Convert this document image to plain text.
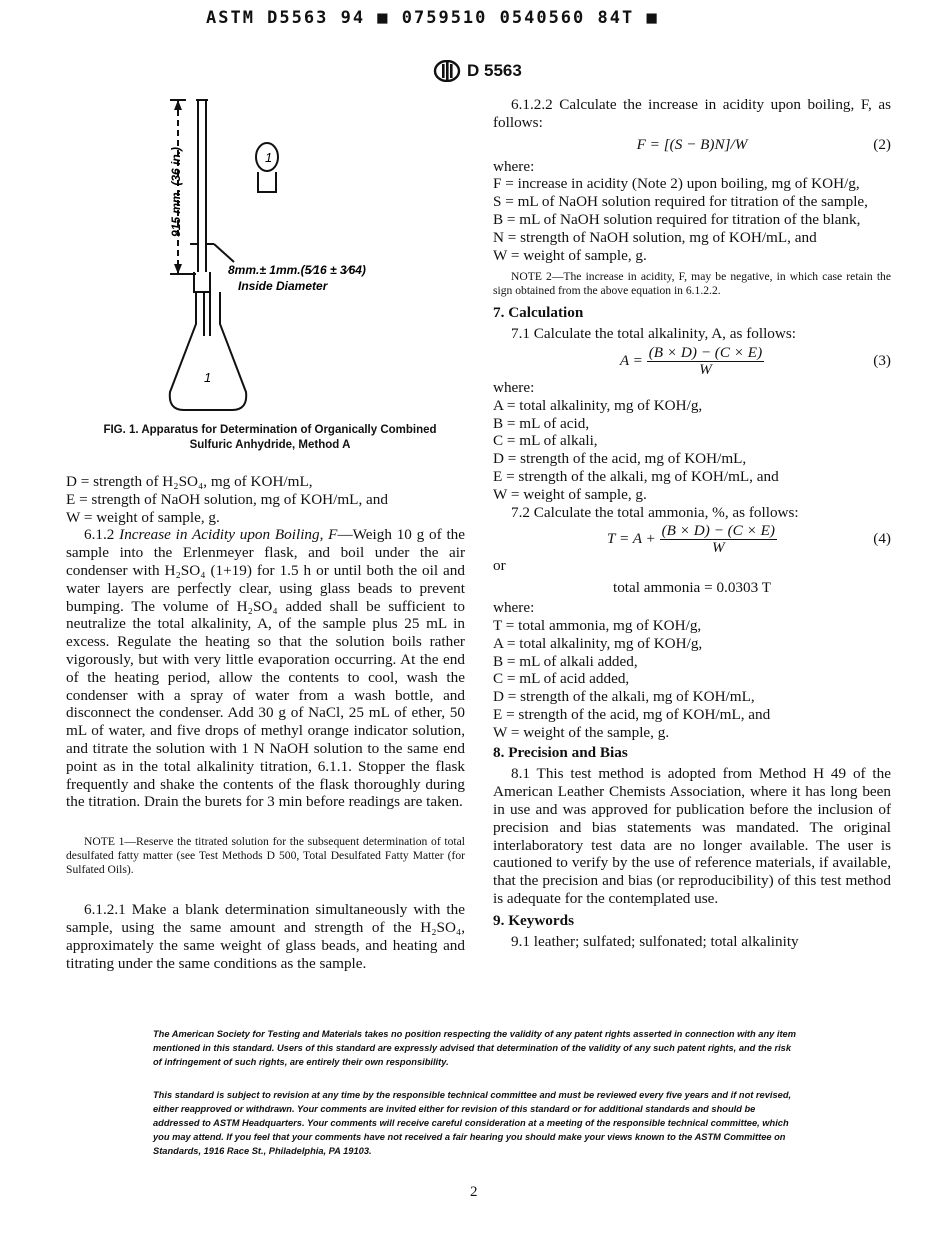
ASTM D5563 94 ■ 0759510 0540560 84T ■
D 5563
915 mm. (36 in.)
8mm.± 1mm.(5⁄16 ± 3⁄64)
Inside Diameter
1
1
FIG. 1. Apparatus for Determination of Organically Combined
Sulfuric Anhydride, Method A

D = strength of H₂SO₄, mg of KOH/mL,

E = strength of NaOH solution, mg of KOH/mL, and

W = weight of sample, g.

6.1.2 Increase in Acidity upon Boiling, F—Weigh 10 g of the sample into the Erlenmeyer flask, and boil under the air condenser with H₂SO₄ (1+19) for 1.5 h or until both the oil and water layers are perfectly clear, using glass beads to prevent bumping. The volume of H₂SO₄ added shall be sufficient to neutralize the total alkalinity, A, of the sample plus 25 mL in excess. Regulate the heating so that the solution boils rather vigorously, but with very little evaporation occurring. At the end of the heating period, allow the contents to cool, wash the condenser with a spray of water from a wash bottle, and disconnect the condenser. Add 30 g of NaCl, 25 mL of ether, 50 mL of water, and five drops of methyl orange indicator solution, and titrate the solution with 1 N NaOH solution to the same end point as in the total alkalinity titration, 6.1.1. Stopper the flask frequently and shake the contents of the flask thoroughly during the titration. Drain the burets for 3 min before readings are taken.

NOTE 1—Reserve the titrated solution for the subsequent determination of total desulfated fatty matter (see Test Methods D 500, Total Desulfated Fatty Matter (for Sulfated Oils).

6.1.2.1 Make a blank determination simultaneously with the sample, using the same amount and strength of the H₂SO₄, approximately the same weight of glass beads, and heating and titrating under the same conditions as the sample.

6.1.2.2 Calculate the increase in acidity upon boiling, F, as follows:

F = [(S − B)N]/W	(2)

where:

F = increase in acidity (Note 2) upon boiling, mg of KOH/g,

S = mL of NaOH solution required for titration of the sample,

B = mL of NaOH solution required for titration of the blank,

N = strength of NaOH solution, mg of KOH/mL, and

W = weight of sample, g.

NOTE 2—The increase in acidity, F, may be negative, in which case retain the sign obtained from the above equation in 6.1.2.2.

7. Calculation

7.1 Calculate the total alkalinity, A, as follows:

$A = \frac{(B \times D) - (C \times E)}{W}$	(3)

where:

A = total alkalinity, mg of KOH/g,

B = mL of acid,

C = mL of alkali,

D = strength of the acid, mg of KOH/mL,

E = strength of the alkali, mg of KOH/mL, and

W = weight of sample, g.

7.2 Calculate the total ammonia, %, as follows:

$T = A + \frac{(B \times D) - (C \times E)}{W}$	(4)

or

total ammonia = 0.0303 T

where:

T = total ammonia, mg of KOH/g,

A = total alkalinity, mg of KOH/g,

B = mL of alkali added,

C = mL of acid added,

D = strength of the alkali, mg of KOH/mL,

E = strength of the acid, mg of KOH/mL, and

W = weight of the sample, g.

8. Precision and Bias

8.1 This test method is adopted from Method H 49 of the American Leather Chemists Association, where it has long been in use and was approved for publication before the inclusion of precision and bias statements was mandated. The original interlaboratory test data are no longer available. The user is cautioned to verify by the use of reference materials, if available, that the precision and bias (or reproducibility) of this test method is adequate for the contemplated use.

9. Keywords

9.1 leather; sulfated; sulfonated; total alkalinity

The American Society for Testing and Materials takes no position respecting the validity of any patent rights asserted in connection with any item mentioned in this standard. Users of this standard are expressly advised that determination of the validity of any such patent rights, and the risk of infringement of such rights, are entirely their own responsibility.
This standard is subject to revision at any time by the responsible technical committee and must be reviewed every five years and if not revised, either reapproved or withdrawn. Your comments are invited either for revision of this standard or for additional standards and should be addressed to ASTM Headquarters. Your comments will receive careful consideration at a meeting of the responsible technical committee, which you may attend. If you feel that your comments have not received a fair hearing you should make your views known to the ASTM Committee on Standards, 1916 Race St., Philadelphia, PA 19103.
2
